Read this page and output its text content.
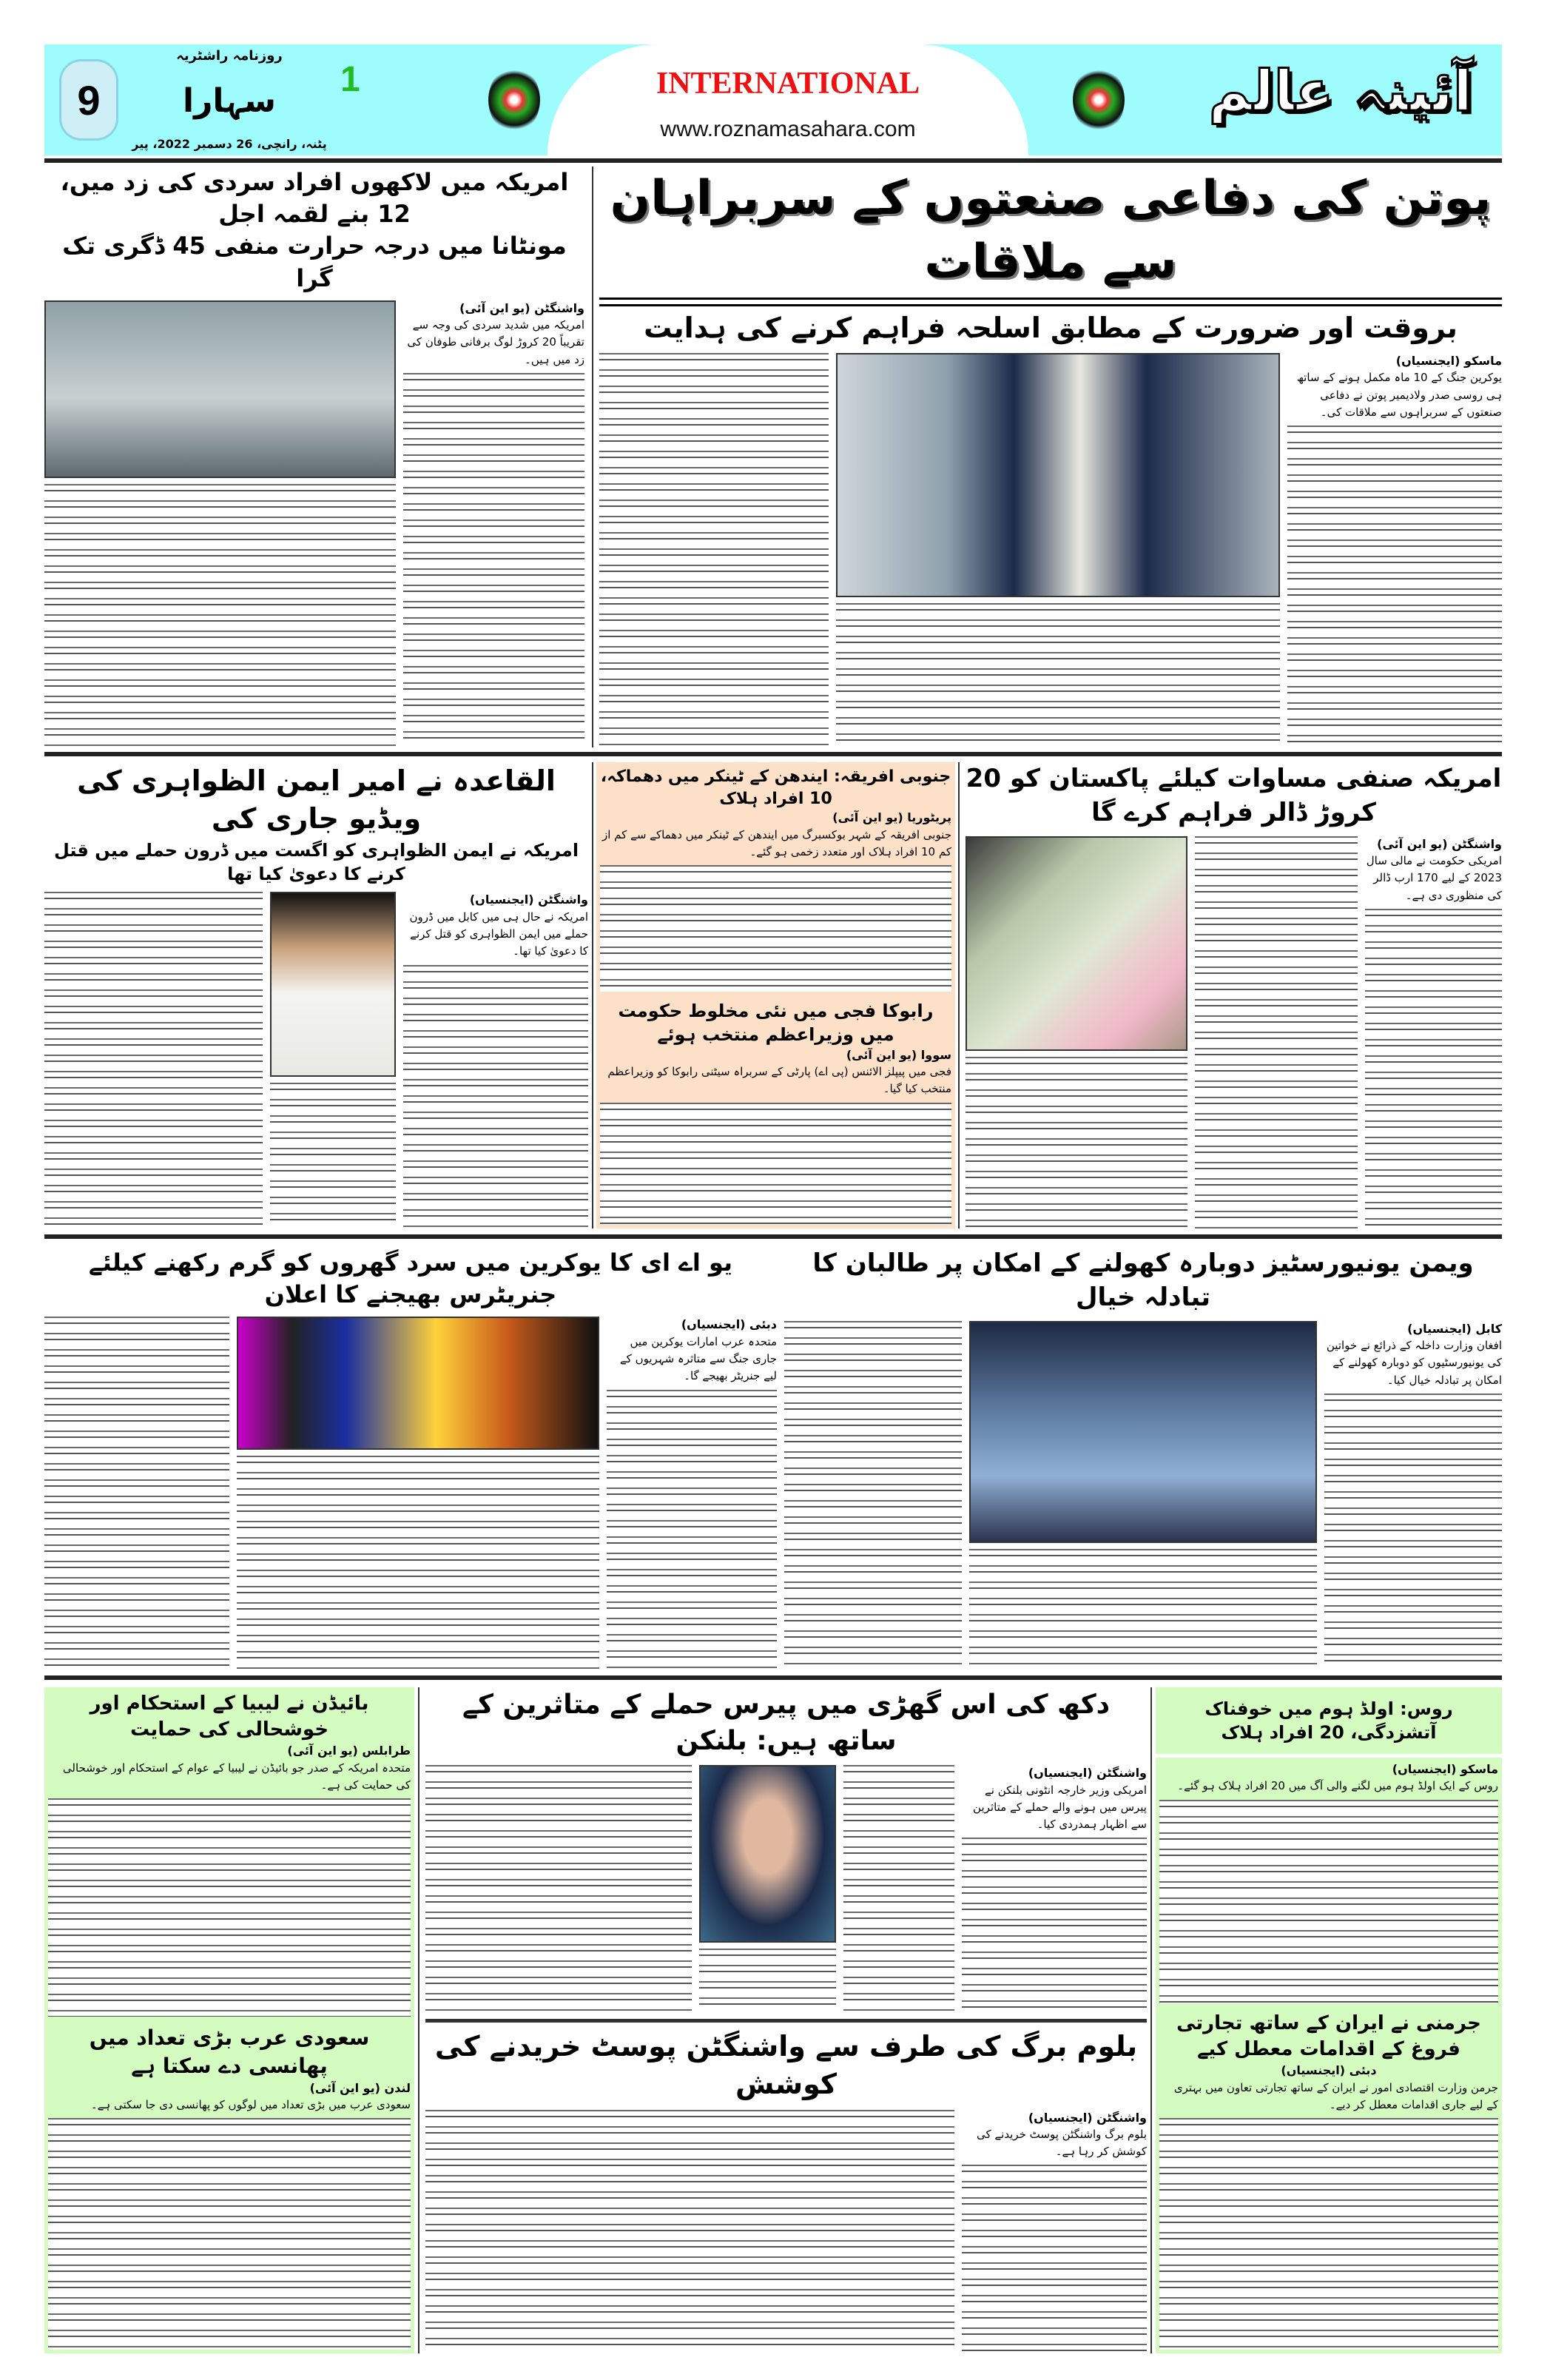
9
روزنامہ راشٹریہ
سہارا
پٹنہ، رانچی، 26 دسمبر 2022، پیر
1	INTERNATIONAL
www.roznamasahara.com
آئینہ عالم
پوتن کی دفاعی صنعتوں کے سربراہان سے ملاقات
بروقت اور ضرورت کے مطابق اسلحہ فراہم کرنے کی ہدایت
ماسکو (ایجنسیاں)
یوکرین جنگ کے 10 ماہ مکمل ہونے کے ساتھ ہی روسی صدر ولادیمیر پوتن نے دفاعی صنعتوں کے سربراہوں سے ملاقات کی۔
امریکہ میں لاکھوں افراد سردی کی زد میں، 12 بنے لقمہ اجل
مونٹانا میں درجہ حرارت منفی 45 ڈگری تک گرا
واشنگٹن (یو این آئی)
امریکہ میں شدید سردی کی وجہ سے تقریباً 20 کروڑ لوگ برفانی طوفان کی زد میں ہیں۔
القاعدہ نے امیر ایمن الظواہری کی ویڈیو جاری کی
امریکہ نے ایمن الظواہری کو اگست میں ڈرون حملے میں قتل کرنے کا دعویٰ کیا تھا
واشنگٹن (ایجنسیاں)
امریکہ نے حال ہی میں کابل میں ڈرون حملے میں ایمن الظواہری کو قتل کرنے کا دعویٰ کیا تھا۔
جنوبی افریقہ: ایندھن کے ٹینکر میں دھماکہ، 10 افراد ہلاک
پریٹوریا (یو این آئی)
جنوبی افریقہ کے شہر بوکسبرگ میں ایندھن کے ٹینکر میں دھماکے سے کم از کم 10 افراد ہلاک اور متعدد زخمی ہو گئے۔
رابوکا فجی میں نئی مخلوط حکومت میں وزیراعظم منتخب ہوئے
سووا (یو این آئی)
فجی میں پیپلز الائنس (پی اے) پارٹی کے سربراہ سیٹنی رابوکا کو وزیراعظم منتخب کیا گیا۔
امریکہ صنفی مساوات کیلئے پاکستان کو 20 کروڑ ڈالر فراہم کرے گا
واشنگٹن (یو این آئی)
امریکی حکومت نے مالی سال 2023 کے لیے 170 ارب ڈالر کی منظوری دی ہے۔
ویمن یونیورسٹیز دوبارہ کھولنے کے امکان پر طالبان کا تبادلہ خیال
کابل (ایجنسیاں)
افغان وزارت داخلہ کے ذرائع نے خواتین کی یونیورسٹیوں کو دوبارہ کھولنے کے امکان پر تبادلہ خیال کیا۔
یو اے ای کا یوکرین میں سرد گھروں کو گرم رکھنے کیلئے جنریٹرس بھیجنے کا اعلان
دبئی (ایجنسیاں)
متحدہ عرب امارات یوکرین میں جاری جنگ سے متاثرہ شہریوں کے لیے جنریٹر بھیجے گا۔
بائیڈن نے لیبیا کے استحکام اور خوشحالی کی حمایت
طرابلس (یو این آئی)
متحدہ امریکہ کے صدر جو بائیڈن نے لیبیا کے عوام کے استحکام اور خوشحالی کی حمایت کی ہے۔
سعودی عرب بڑی تعداد میں پھانسی دے سکتا ہے
لندن (یو این آئی)
سعودی عرب میں بڑی تعداد میں لوگوں کو پھانسی دی جا سکتی ہے۔
دکھ کی اس گھڑی میں پیرس حملے کے متاثرین کے ساتھ ہیں: بلنکن
واشنگٹن (ایجنسیاں)
امریکی وزیر خارجہ انٹونی بلنکن نے پیرس میں ہونے والے حملے کے متاثرین سے اظہار ہمدردی کیا۔
بلوم برگ کی طرف سے واشنگٹن پوسٹ خریدنے کی کوشش
واشنگٹن (ایجنسیاں)
بلوم برگ واشنگٹن پوسٹ خریدنے کی کوشش کر رہا ہے۔
روس: اولڈ ہوم میں خوفناک آتشزدگی، 20 افراد ہلاک
ماسکو (ایجنسیاں)
روس کے ایک اولڈ ہوم میں لگنے والی آگ میں 20 افراد ہلاک ہو گئے۔
جرمنی نے ایران کے ساتھ تجارتی فروغ کے اقدامات معطل کیے
دبئی (ایجنسیاں)
جرمن وزارت اقتصادی امور نے ایران کے ساتھ تجارتی تعاون میں بہتری کے لیے جاری اقدامات معطل کر دیے۔
